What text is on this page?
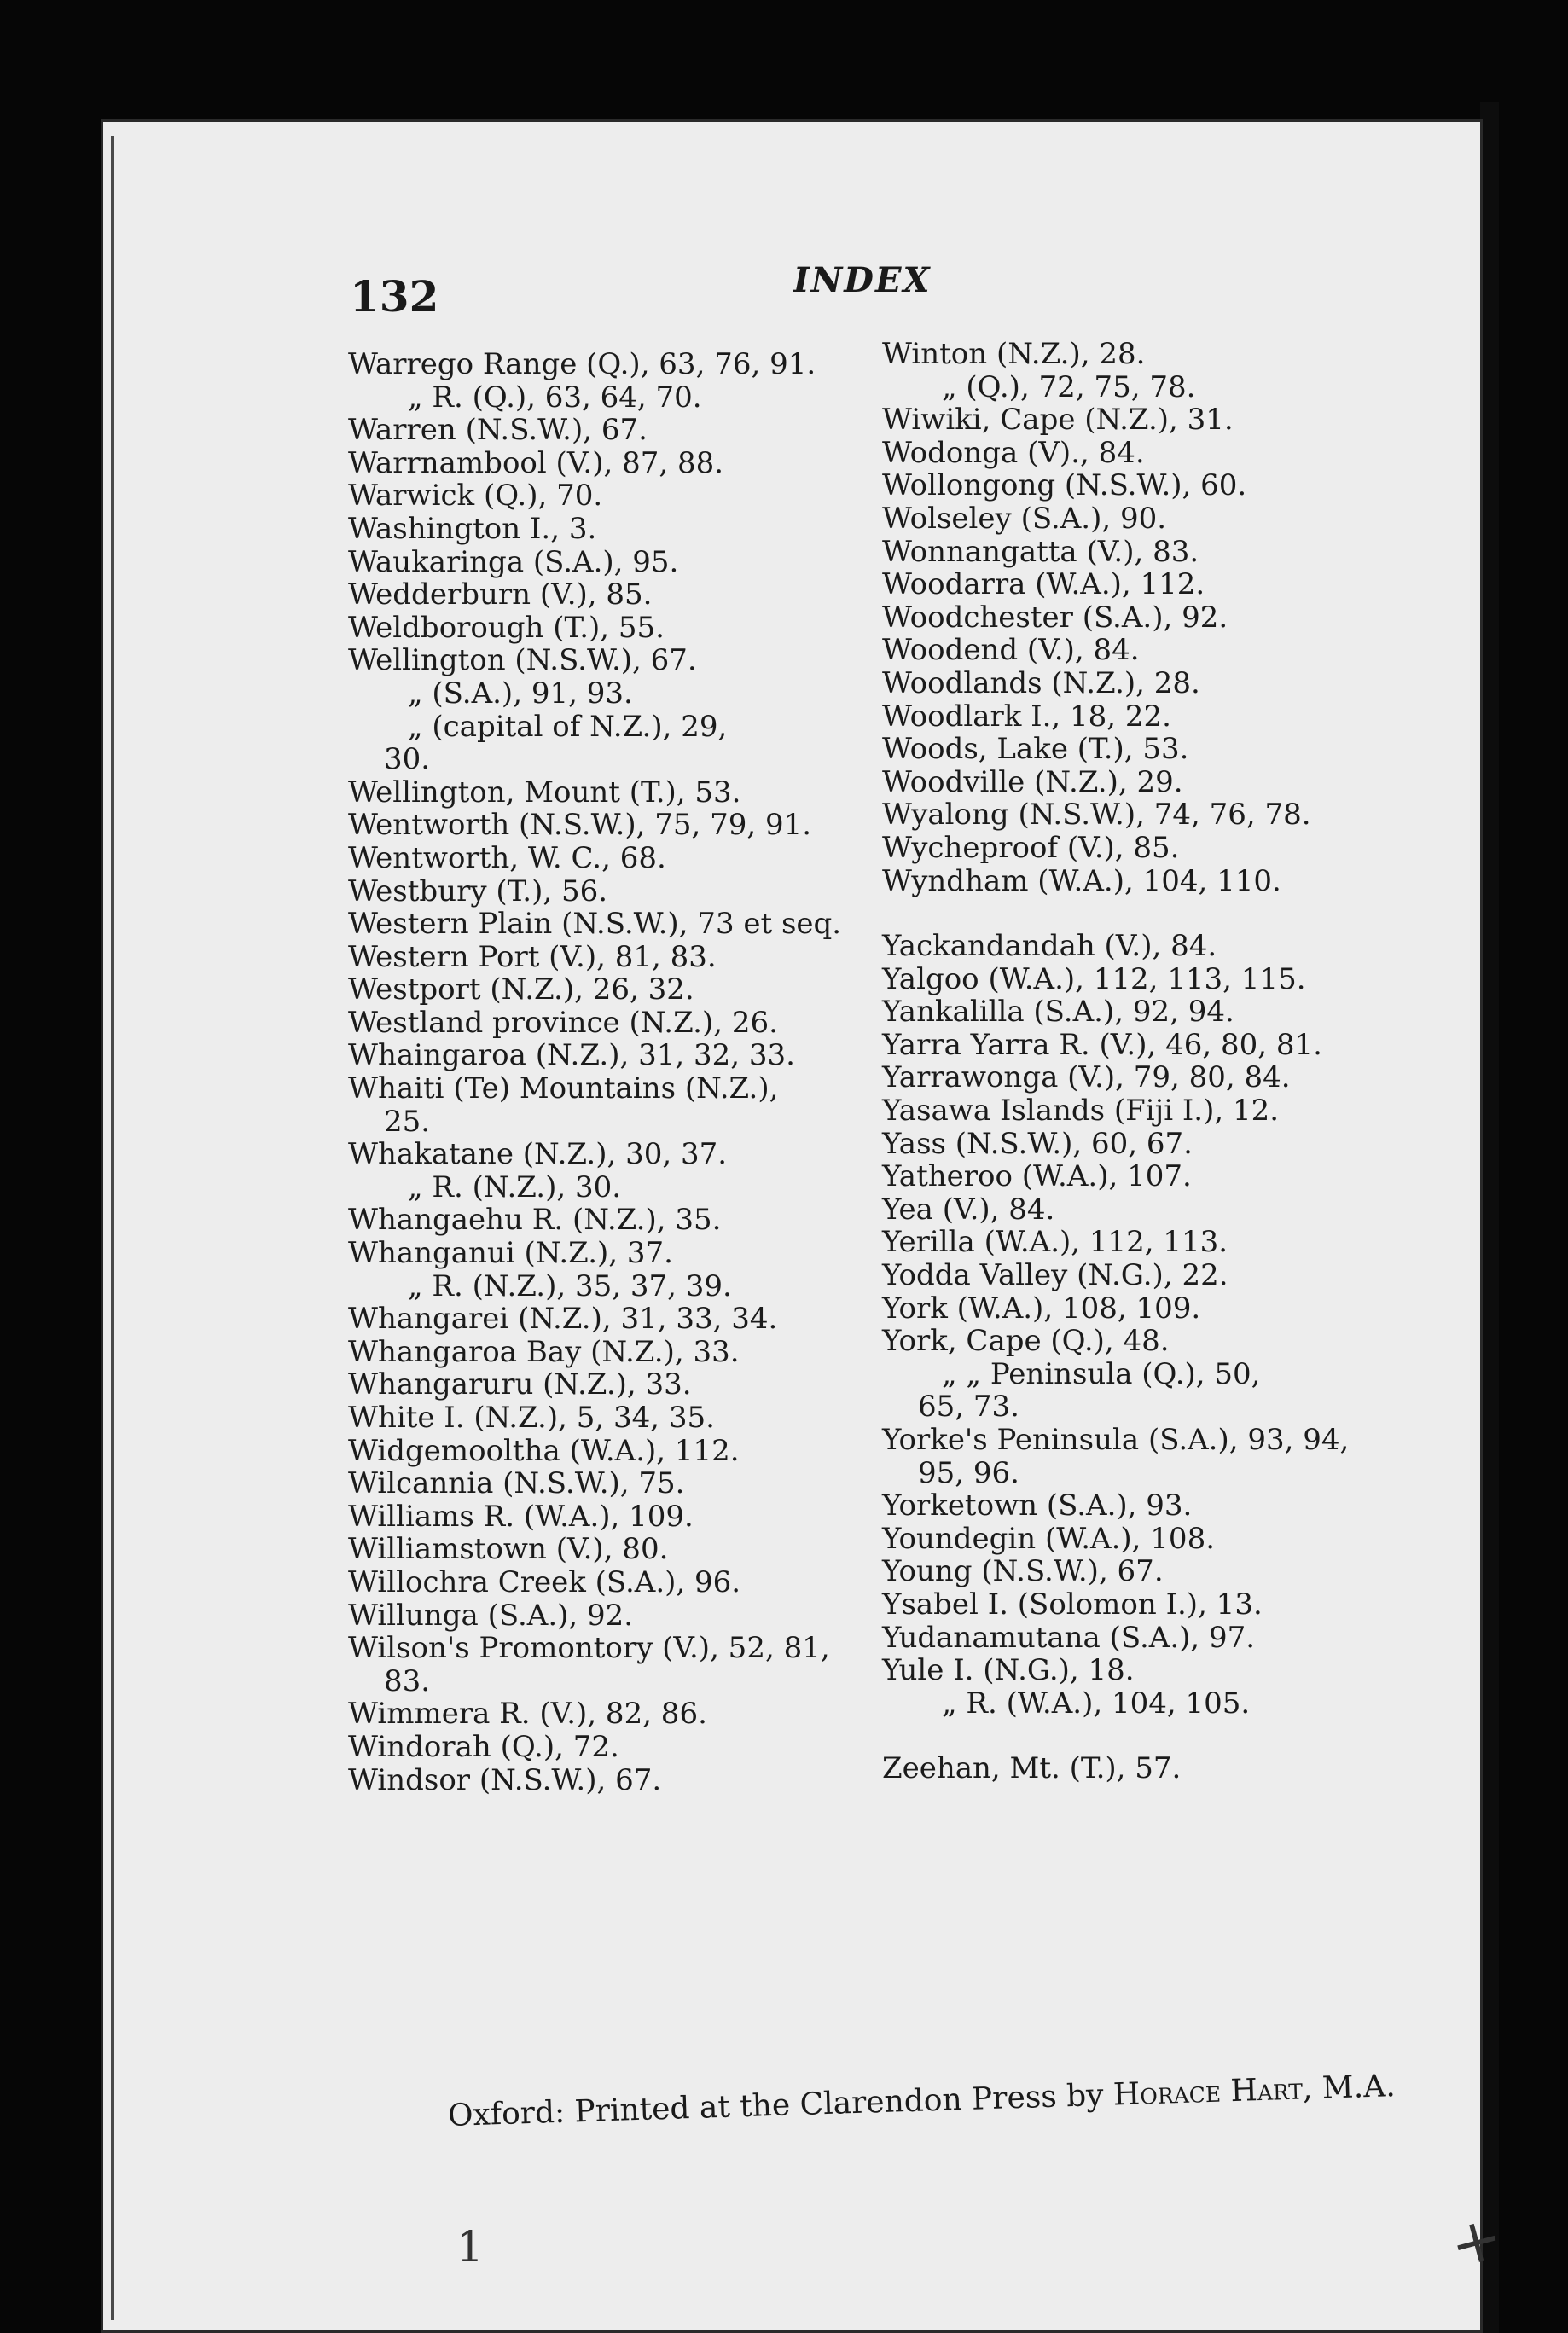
132	INDEX
Warrego Range (Q.), 63, 76, 91.
„ R. (Q.), 63, 64, 70.
Warren (N.S.W.), 67.
Warrnambool (V.), 87, 88.
Warwick (Q.), 70.
Washington I., 3.
Waukaringa (S.A.), 95.
Wedderburn (V.), 85.
Weldborough (T.), 55.
Wellington (N.S.W.), 67.
„ (S.A.), 91, 93.
„ (capital of N.Z.), 29,
30.
Wellington, Mount (T.), 53.
Wentworth (N.S.W.), 75, 79, 91.
Wentworth, W. C., 68.
Westbury (T.), 56.
Western Plain (N.S.W.), 73 et seq.
Western Port (V.), 81, 83.
Westport (N.Z.), 26, 32.
Westland province (N.Z.), 26.
Whaingaroa (N.Z.), 31, 32, 33.
Whaiti (Te) Mountains (N.Z.),
25.
Whakatane (N.Z.), 30, 37.
„ R. (N.Z.), 30.
Whangaehu R. (N.Z.), 35.
Whanganui (N.Z.), 37.
„ R. (N.Z.), 35, 37, 39.
Whangarei (N.Z.), 31, 33, 34.
Whangaroa Bay (N.Z.), 33.
Whangaruru (N.Z.), 33.
White I. (N.Z.), 5, 34, 35.
Widgemooltha (W.A.), 112.
Wilcannia (N.S.W.), 75.
Williams R. (W.A.), 109.
Williamstown (V.), 80.
Willochra Creek (S.A.), 96.
Willunga (S.A.), 92.
Wilson's Promontory (V.), 52, 81,
83.
Wimmera R. (V.), 82, 86.
Windorah (Q.), 72.
Windsor (N.S.W.), 67.
Winton (N.Z.), 28.
„ (Q.), 72, 75, 78.
Wiwiki, Cape (N.Z.), 31.
Wodonga (V)., 84.
Wollongong (N.S.W.), 60.
Wolseley (S.A.), 90.
Wonnangatta (V.), 83.
Woodarra (W.A.), 112.
Woodchester (S.A.), 92.
Woodend (V.), 84.
Woodlands (N.Z.), 28.
Woodlark I., 18, 22.
Woods, Lake (T.), 53.
Woodville (N.Z.), 29.
Wyalong (N.S.W.), 74, 76, 78.
Wycheproof (V.), 85.
Wyndham (W.A.), 104, 110.
Yackandandah (V.), 84.
Yalgoo (W.A.), 112, 113, 115.
Yankalilla (S.A.), 92, 94.
Yarra Yarra R. (V.), 46, 80, 81.
Yarrawonga (V.), 79, 80, 84.
Yasawa Islands (Fiji I.), 12.
Yass (N.S.W.), 60, 67.
Yatheroo (W.A.), 107.
Yea (V.), 84.
Yerilla (W.A.), 112, 113.
Yodda Valley (N.G.), 22.
York (W.A.), 108, 109.
York, Cape (Q.), 48.
„ „ Peninsula (Q.), 50,
65, 73.
Yorke's Peninsula (S.A.), 93, 94,
95, 96.
Yorketown (S.A.), 93.
Youndegin (W.A.), 108.
Young (N.S.W.), 67.
Ysabel I. (Solomon I.), 13.
Yudanamutana (S.A.), 97.
Yule I. (N.G.), 18.
„ R. (W.A.), 104, 105.
Zeehan, Mt. (T.), 57.
Oxford: Printed at the Clarendon Press by Horace Hart, M.A.
1	+
